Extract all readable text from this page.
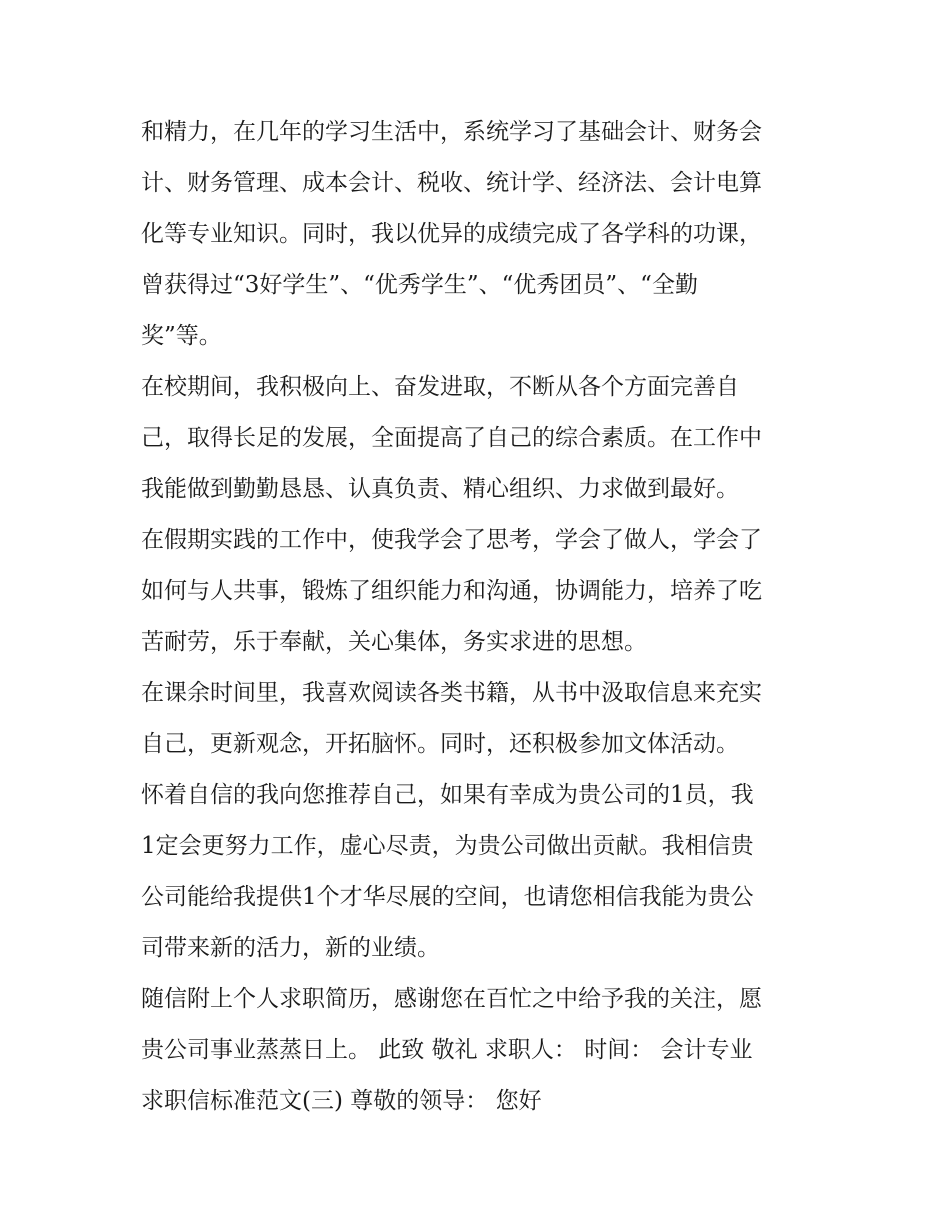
和精力，在几年的学习生活中，系统学习了基础会计、财务会
计、财务管理、成本会计、税收、统计学、经济法、会计电算
化等专业知识。同时，我以优异的成绩完成了各学科的功课，
曾获得过“3好学生”、“优秀学生”、“优秀团员”、“全勤
奖”等。
在校期间，我积极向上、奋发进取，不断从各个方面完善自
己，取得长足的发展，全面提高了自己的综合素质。在工作中
我能做到勤勤恳恳、认真负责、精心组织、力求做到最好。
在假期实践的工作中，使我学会了思考，学会了做人，学会了
如何与人共事，锻炼了组织能力和沟通，协调能力，培养了吃
苦耐劳，乐于奉献，关心集体，务实求进的思想。
在课余时间里，我喜欢阅读各类书籍，从书中汲取信息来充实
自己，更新观念，开拓脑怀。同时，还积极参加文体活动。
怀着自信的我向您推荐自己，如果有幸成为贵公司的1员，我
1定会更努力工作，虚心尽责，为贵公司做出贡献。我相信贵
公司能给我提供1个才华尽展的空间，也请您相信我能为贵公
司带来新的活力，新的业绩。
随信附上个人求职简历，感谢您在百忙之中给予我的关注，愿
贵公司事业蒸蒸日上。 此致 敬礼 求职人： 时间： 会计专业
求职信标准范文(三) 尊敬的领导： 您好
